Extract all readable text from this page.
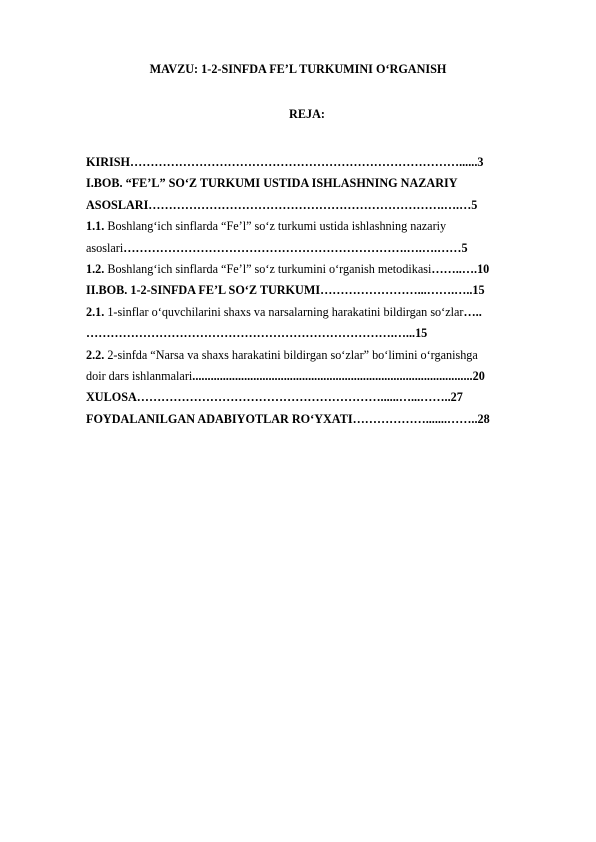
MAVZU: 1-2-SINFDA FE’L TURKUMINI O‘RGANISH
REJA:
KIRISH………………………………………………………………………......3
I.BOB. “FE’L” SO‘Z TURKUMI USTIDA ISHLASHNING NAZARIY
ASOSLARI……………………………………………………………….….…5
1.1. Boshlang‘ich sinflarda “Fe’l” so‘z turkumi ustida ishlashning nazariy
asoslari…………………………………………………………….….….……5
1.2. Boshlang‘ich sinflarda “Fe’l” so‘z turkumini o‘rganish metodikasi……..….10
II.BOB. 1-2-SINFDA FE’L SO‘Z TURKUMI……………………...…….…..15
2.1. 1-sinflar o‘quvchilarini shaxs va narsalarning harakatini bildirgan so‘zlar…..
………………………………………………………………….…...15
2.2. 2-sinfda “Narsa va shaxs harakatini bildirgan so‘zlar” bo‘limini o‘rganishga
doir dars ishlanmalari............................................................................................20
XULOSA……………………………………………………......…...……..27
FOYDALANILGAN ADABIYOTLAR RO‘YXATI……………….......……..28
